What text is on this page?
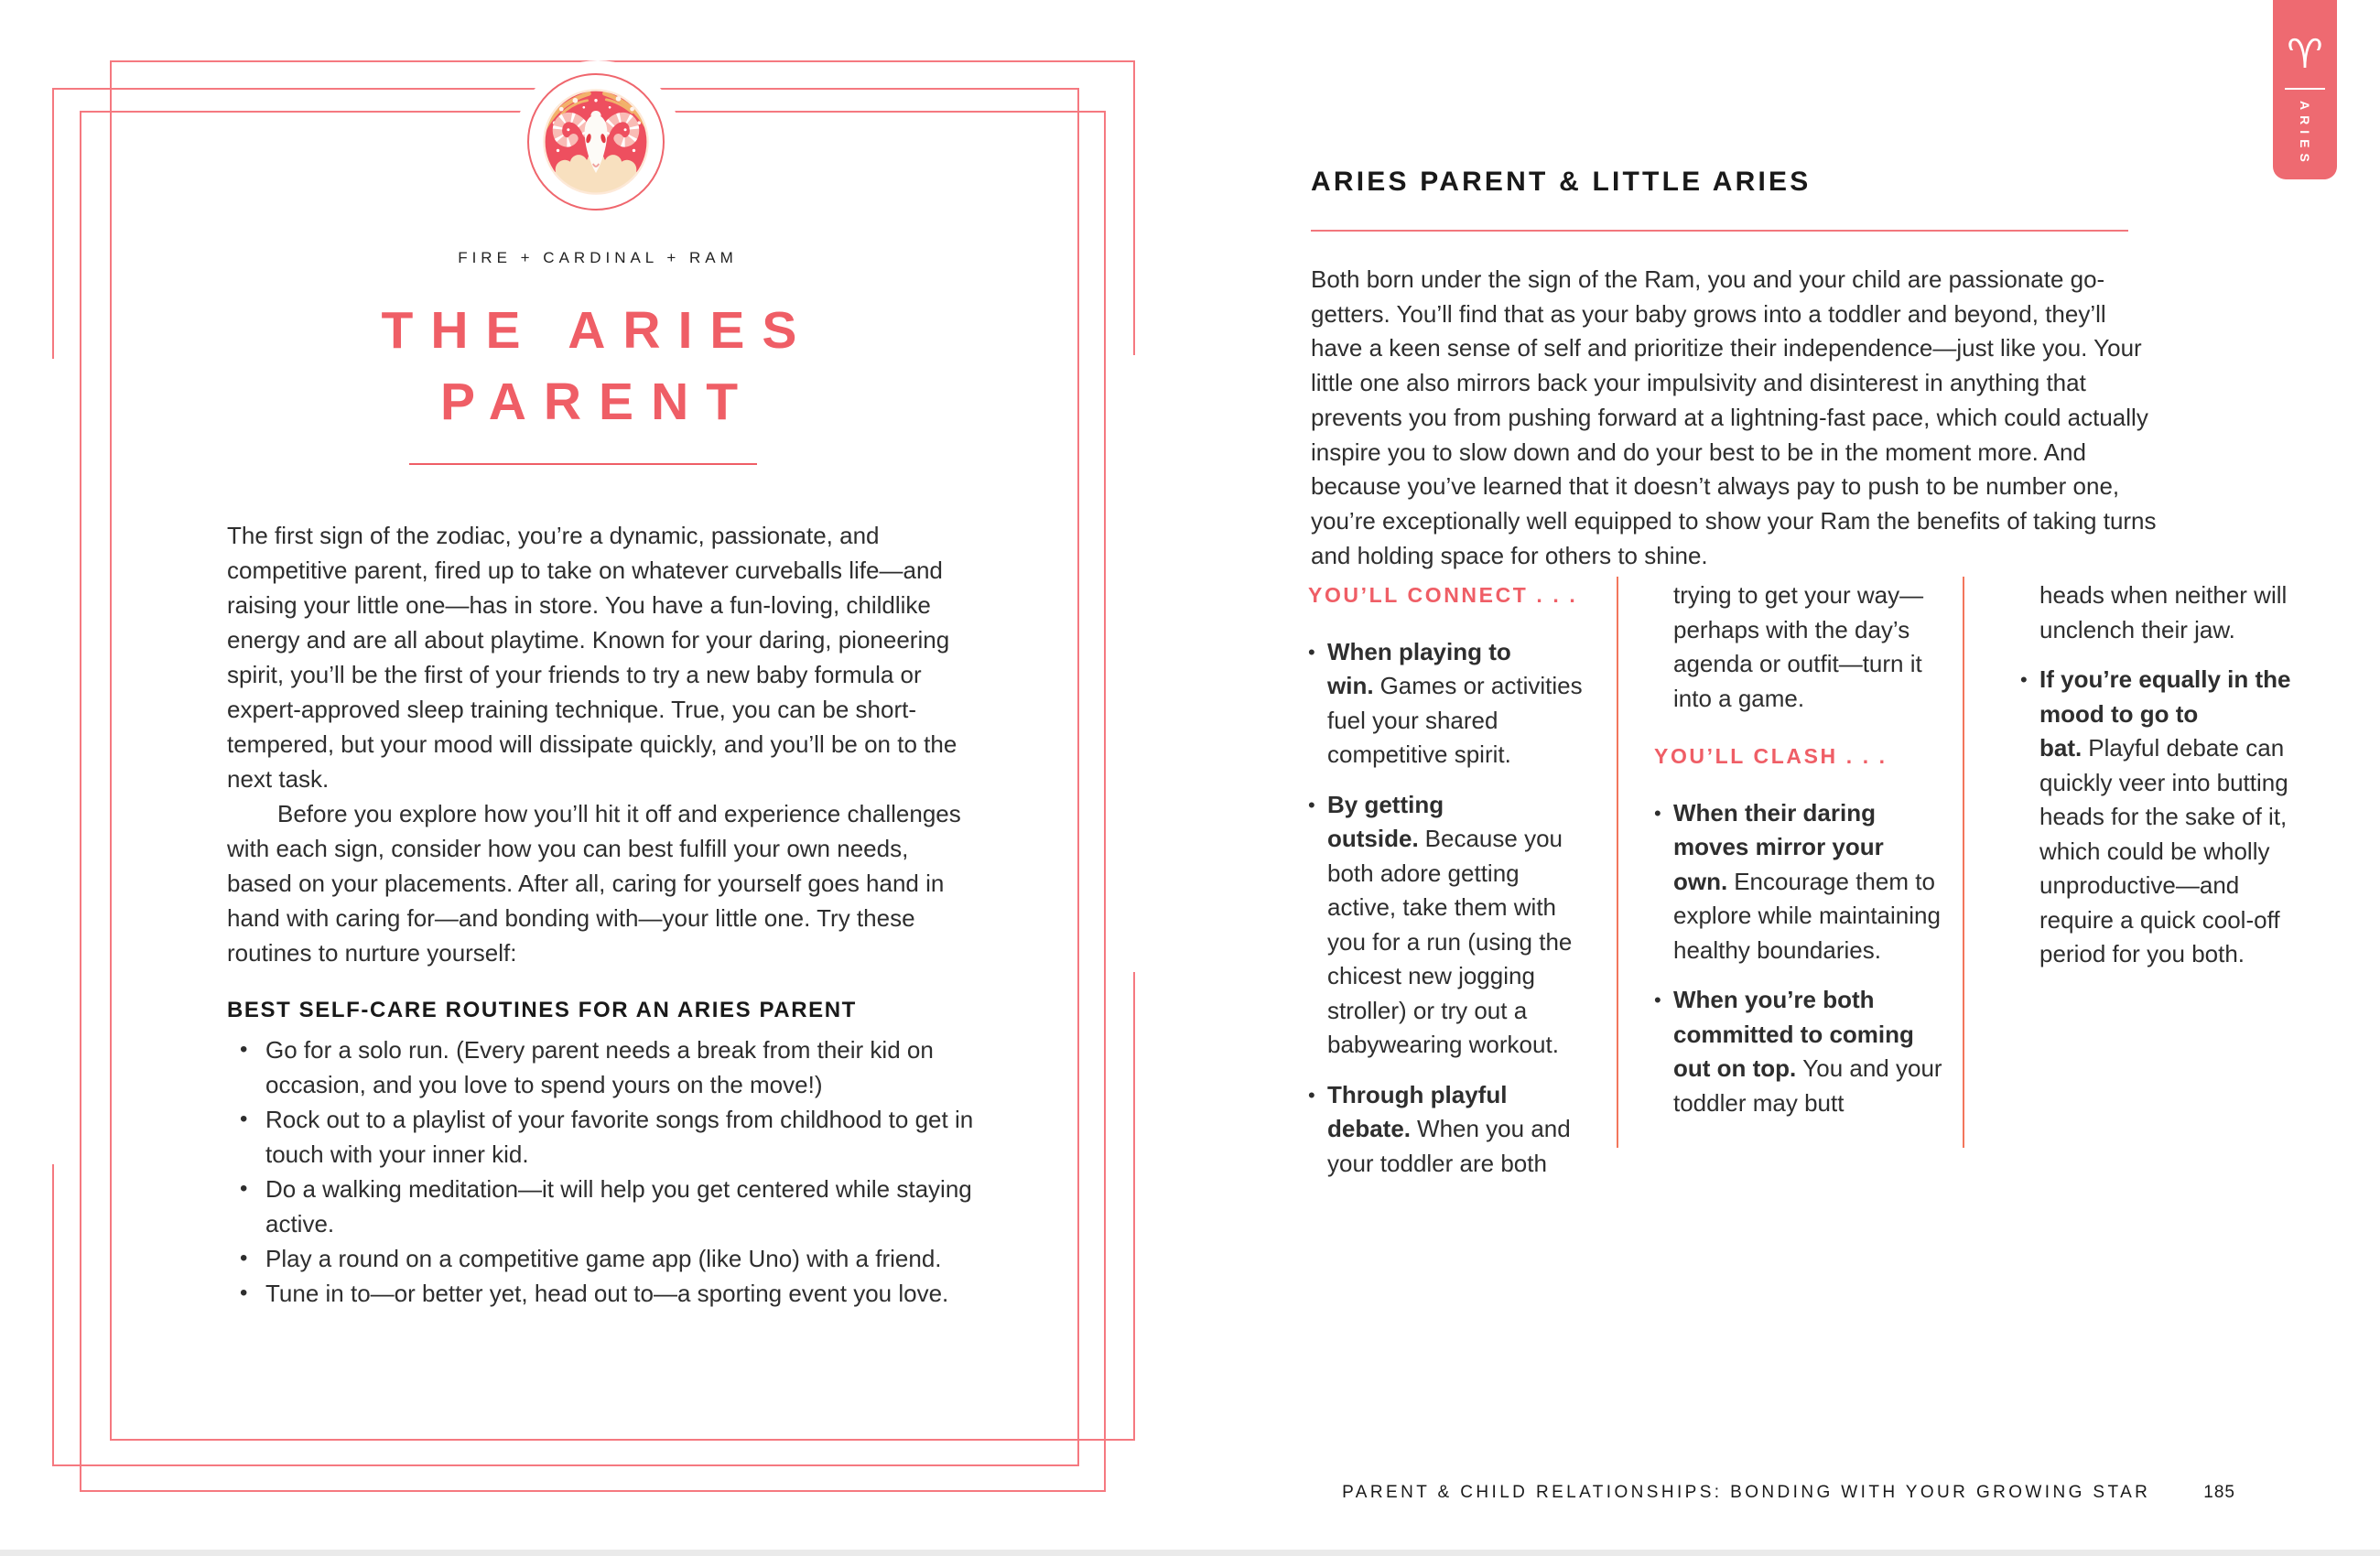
FIRE + CARDINAL + RAM
THE ARIES
PARENT

The first sign of the zodiac, you’re a dynamic, passionate, and competitive parent, fired up to take on whatever curveballs life—and raising your little one—has in store. You have a fun-loving, childlike energy and are all about playtime. Known for your daring, pioneering spirit, you’ll be the first of your friends to try a new baby formula or expert-approved sleep training technique. True, you can be short-tempered, but your mood will dissipate quickly, and you’ll be on to the next task.

Before you explore how you’ll hit it off and experience challenges with each sign, consider how you can best fulfill your own needs, based on your placements. After all, caring for yourself goes hand in hand with caring for—and bonding with—your little one. Try these routines to nurture yourself:

BEST SELF-CARE ROUTINES FOR AN ARIES PARENT
• Go for a solo run. (Every parent needs a break from their kid on occasion, and you love to spend yours on the move!)
• Rock out to a playlist of your favorite songs from childhood to get in touch with your inner kid.
• Do a walking meditation—it will help you get centered while staying active.
• Play a round on a competitive game app (like Uno) with a friend.
• Tune in to—or better yet, head out to—a sporting event you love.
ARIES PARENT & LITTLE ARIES

Both born under the sign of the Ram, you and your child are passionate go-getters. You’ll find that as your baby grows into a toddler and beyond, they’ll have a keen sense of self and prioritize their independence—just like you. Your little one also mirrors back your impulsivity and disinterest in anything that prevents you from pushing forward at a lightning-fast pace, which could actually inspire you to slow down and do your best to be in the moment more. And because you’ve learned that it doesn’t always pay to push to be number one, you’re exceptionally well equipped to show your Ram the benefits of taking turns and holding space for others to shine.

YOU’LL CONNECT . . .

• When playing to win. Games or activities fuel your shared competitive spirit.
• By getting outside. Because you both adore getting active, take them with you for a run (using the chicest new jogging stroller) or try out a babywearing workout.
• Through playful debate. When you and your toddler are both

trying to get your way—perhaps with the day’s agenda or outfit—turn it into a game.

YOU’LL CLASH . . .

• When their daring moves mirror your own. Encourage them to explore while maintaining healthy boundaries.
• When you’re both committed to coming out on top. You and your toddler may butt

heads when neither will unclench their jaw.

• If you’re equally in the mood to go to bat. Playful debate can quickly veer into butting heads for the sake of it, which could be wholly unproductive—and require a quick cool-off period for you both.
PARENT & CHILD RELATIONSHIPS: BONDING WITH YOUR GROWING STAR	185
♈
ARIES
